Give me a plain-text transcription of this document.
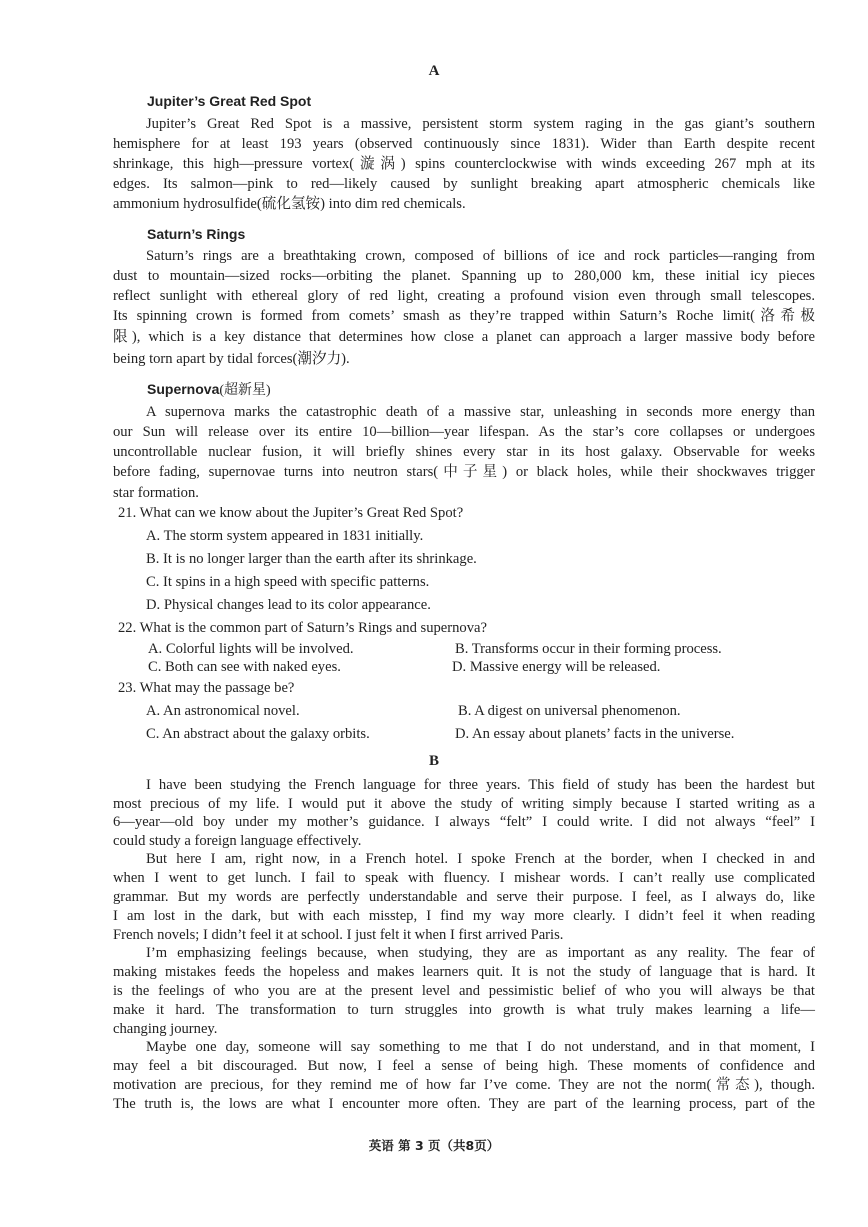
A
Jupiter’s Great Red Spot
Jupiter’s Great Red Spot is a massive, persistent storm system raging in the gas giant’s southern
hemisphere for at least 193 years (observed continuously since 1831). Wider than Earth despite recent
shrinkage, this high—pressure vortex(漩涡) spins counterclockwise with winds exceeding 267 mph at its
edges. Its salmon—pink to red—likely caused by sunlight breaking apart atmospheric chemicals like
ammonium hydrosulfide(硫化氢铵) into dim red chemicals.
Saturn’s Rings
Saturn’s rings are a breathtaking crown, composed of billions of ice and rock particles—ranging from
dust to mountain—sized rocks—orbiting the planet. Spanning up to 280,000 km, these initial icy pieces
reflect sunlight with ethereal glory of red light, creating a profound vision even through small telescopes.
Its spinning crown is formed from comets’ smash as they’re trapped within Saturn’s Roche limit(洛希极
限), which is a key distance that determines how close a planet can approach a larger massive body before
being torn apart by tidal forces(潮汐力).
Supernova(超新星)
A supernova marks the catastrophic death of a massive star, unleashing in seconds more energy than
our Sun will release over its entire 10—billion—year lifespan. As the star’s core collapses or undergoes
uncontrollable nuclear fusion, it will briefly shines every star in its host galaxy. Observable for weeks
before fading, supernovae turns into neutron stars(中子星) or black holes, while their shockwaves trigger
star formation.
21. What can we know about the Jupiter’s Great Red Spot?
A. The storm system appeared in 1831 initially.
B. It is no longer larger than the earth after its shrinkage.
C. It spins in a high speed with specific patterns.
D. Physical changes lead to its color appearance.
22. What is the common part of Saturn’s Rings and supernova?
A. Colorful lights will be involved.	B. Transforms occur in their forming process.
C. Both can see with naked eyes.	D. Massive energy will be released.
23. What may the passage be?
A. An astronomical novel.	B. A digest on universal phenomenon.
C. An abstract about the galaxy orbits.	D. An essay about planets’ facts in the universe.
B
I have been studying the French language for three years. This field of study has been the hardest but
most precious of my life. I would put it above the study of writing simply because I started writing as a
6—year—old boy under my mother’s guidance. I always “felt” I could write. I did not always “feel” I
could study a foreign language effectively.
But here I am, right now, in a French hotel. I spoke French at the border, when I checked in and
when I went to get lunch. I fail to speak with fluency. I mishear words. I can’t really use complicated
grammar. But my words are perfectly understandable and serve their purpose. I feel, as I always do, like
I am lost in the dark, but with each misstep, I find my way more clearly. I didn’t feel it when reading
French novels; I didn’t feel it at school. I just felt it when I first arrived Paris.
I’m emphasizing feelings because, when studying, they are as important as any reality. The fear of
making mistakes feeds the hopeless and makes learners quit. It is not the study of language that is hard. It
is the feelings of who you are at the present level and pessimistic belief of who you will always be that
make it hard. The transformation to turn struggles into growth is what truly makes learning a life—
changing journey.
Maybe one day, someone will say something to me that I do not understand, and in that moment, I
may feel a bit discouraged. But now, I feel a sense of being high. These moments of confidence and
motivation are precious, for they remind me of how far I’ve come. They are not the norm(常态), though.
The truth is, the lows are what I encounter more often. They are part of the learning process, part of the
英语 第 3 页（共8页）
